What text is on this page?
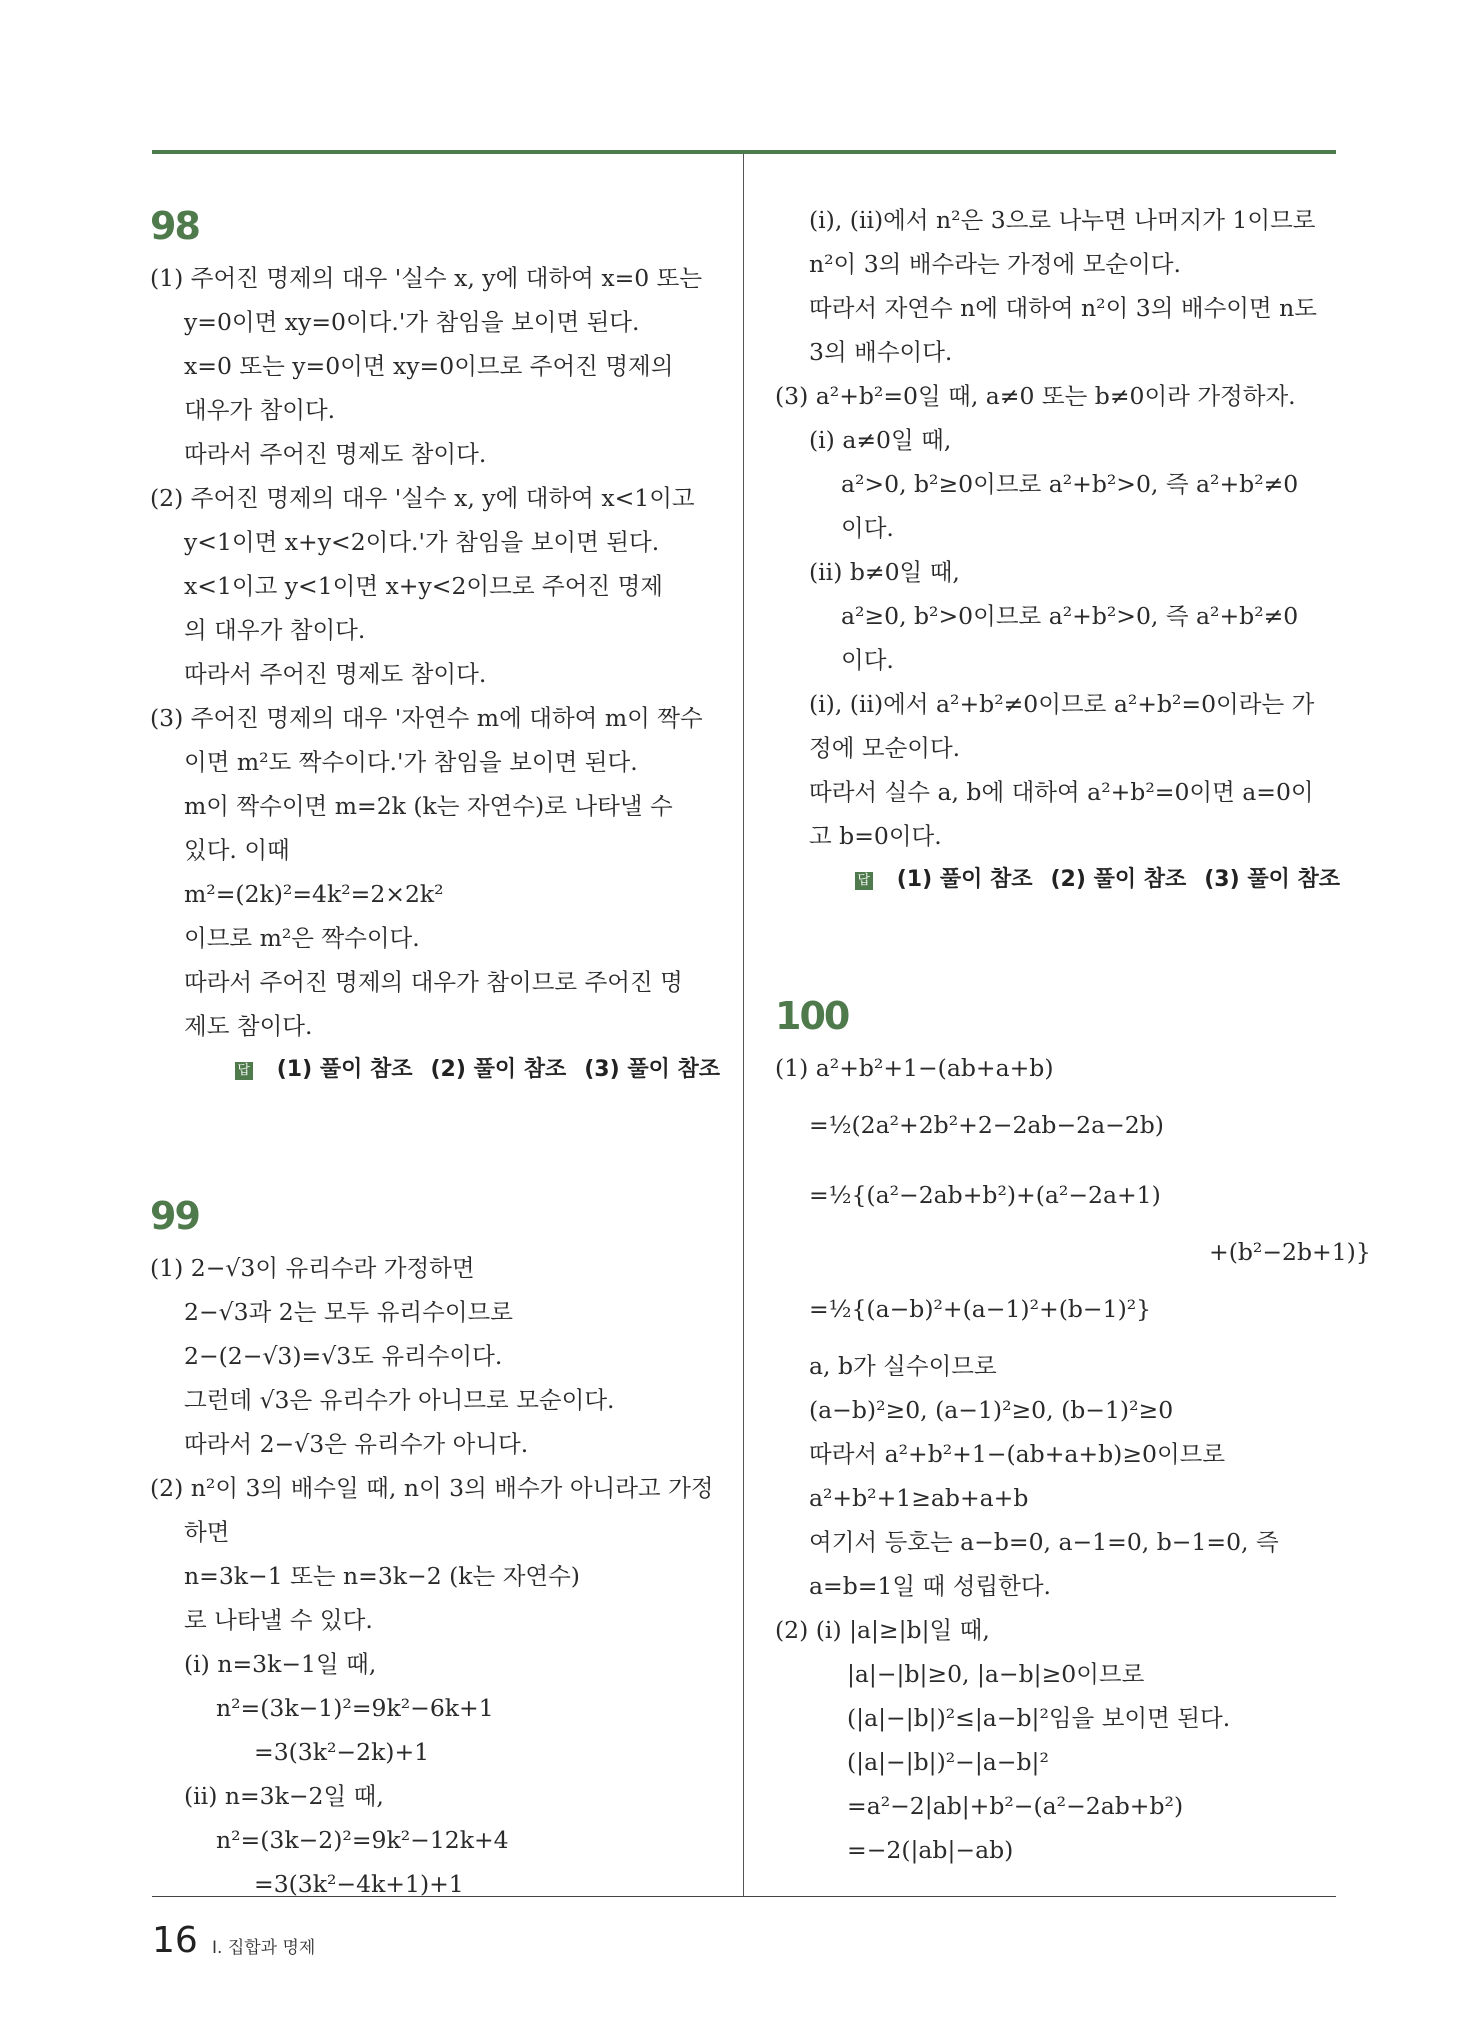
98
(1) 주어진 명제의 대우 '실수 x, y에 대하여 x=0 또는
y=0이면 xy=0이다.'가 참임을 보이면 된다.
x=0 또는 y=0이면 xy=0이므로 주어진 명제의
대우가 참이다.
따라서 주어진 명제도 참이다.
(2) 주어진 명제의 대우 '실수 x, y에 대하여 x<1이고
y<1이면 x+y<2이다.'가 참임을 보이면 된다.
x<1이고 y<1이면 x+y<2이므로 주어진 명제
의 대우가 참이다.
따라서 주어진 명제도 참이다.
(3) 주어진 명제의 대우 '자연수 m에 대하여 m이 짝수
이면 m²도 짝수이다.'가 참임을 보이면 된다.
m이 짝수이면 m=2k (k는 자연수)로 나타낼 수
있다. 이때
m²=(2k)²=4k²=2×2k²
이므로 m²은 짝수이다.
따라서 주어진 명제의 대우가 참이므로 주어진 명
제도 참이다.
답 (1) 풀이 참조 (2) 풀이 참조 (3) 풀이 참조
99
(1) 2−√3이 유리수라 가정하면
2−√3과 2는 모두 유리수이므로
2−(2−√3)=√3도 유리수이다.
그런데 √3은 유리수가 아니므로 모순이다.
따라서 2−√3은 유리수가 아니다.
(2) n²이 3의 배수일 때, n이 3의 배수가 아니라고 가정
하면
n=3k−1 또는 n=3k−2 (k는 자연수)
로 나타낼 수 있다.
(i) n=3k−1일 때,
n²=(3k−1)²=9k²−6k+1
=3(3k²−2k)+1
(ii) n=3k−2일 때,
n²=(3k−2)²=9k²−12k+4
=3(3k²−4k+1)+1
(i), (ii)에서 n²은 3으로 나누면 나머지가 1이므로
n²이 3의 배수라는 가정에 모순이다.
따라서 자연수 n에 대하여 n²이 3의 배수이면 n도
3의 배수이다.
(3) a²+b²=0일 때, a≠0 또는 b≠0이라 가정하자.
(i) a≠0일 때,
a²>0, b²≥0이므로 a²+b²>0, 즉 a²+b²≠0
이다.
(ii) b≠0일 때,
a²≥0, b²>0이므로 a²+b²>0, 즉 a²+b²≠0
이다.
(i), (ii)에서 a²+b²≠0이므로 a²+b²=0이라는 가
정에 모순이다.
따라서 실수 a, b에 대하여 a²+b²=0이면 a=0이
고 b=0이다.
답 (1) 풀이 참조 (2) 풀이 참조 (3) 풀이 참조
100
(1) a²+b²+1−(ab+a+b)
=½(2a²+2b²+2−2ab−2a−2b)
=½{(a²−2ab+b²)+(a²−2a+1)
+(b²−2b+1)}
=½{(a−b)²+(a−1)²+(b−1)²}
a, b가 실수이므로
(a−b)²≥0, (a−1)²≥0, (b−1)²≥0
따라서 a²+b²+1−(ab+a+b)≥0이므로
a²+b²+1≥ab+a+b
여기서 등호는 a−b=0, a−1=0, b−1=0, 즉
a=b=1일 때 성립한다.
(2) (i) |a|≥|b|일 때,
|a|−|b|≥0, |a−b|≥0이므로
(|a|−|b|)²≤|a−b|²임을 보이면 된다.
(|a|−|b|)²−|a−b|²
=a²−2|ab|+b²−(a²−2ab+b²)
=−2(|ab|−ab)
16 Ⅰ. 집합과 명제
